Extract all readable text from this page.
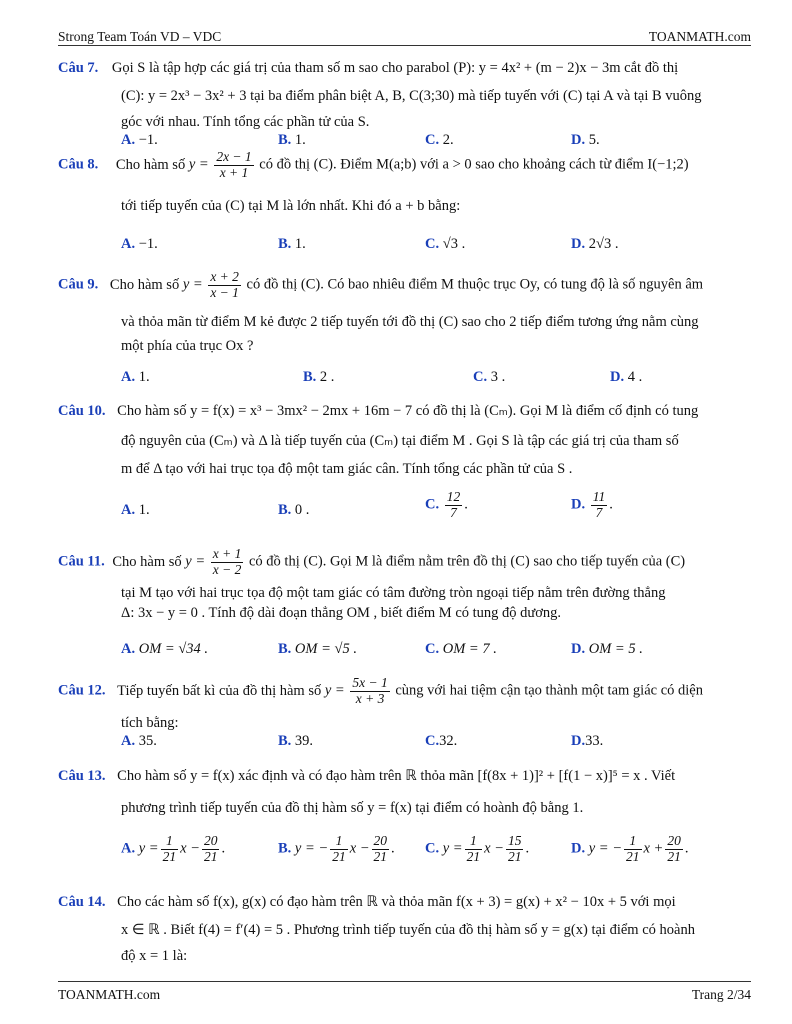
Strong Team Toán VD – VDC	TOANMATH.com
Câu 7. Gọi S là tập hợp các giá trị của tham số m sao cho parabol (P): y = 4x² + (m − 2)x − 3m cắt đồ thị
(C): y = 2x³ − 3x² + 3 tại ba điểm phân biệt A, B, C(3;30) mà tiếp tuyến với (C) tại A và tại B vuông
góc với nhau. Tính tổng các phần tử của S.
A. −1.	B. 1.	C. 2.	D. 5.
Câu 8. Cho hàm số $y = \frac{2x - 1}{x + 1}$ có đồ thị (C). Điểm M(a;b) với a > 0 sao cho khoảng cách từ điểm I(−1;2)
tới tiếp tuyến của (C) tại M là lớn nhất. Khi đó a + b bằng:
A. −1.	B. 1.	C. √3 .	D. 2√3 .
Câu 9. Cho hàm số $y = \frac{x + 2}{x - 1}$ có đồ thị (C). Có bao nhiêu điểm M thuộc trục Oy, có tung độ là số nguyên âm
và thỏa mãn từ điểm M kẻ được 2 tiếp tuyến tới đồ thị (C) sao cho 2 tiếp điểm tương ứng nằm cùng
một phía của trục Ox ?
A. 1.	B. 2 .	C. 3 .	D. 4 .
Câu 10. Cho hàm số y = f(x) = x³ − 3mx² − 2mx + 16m − 7 có đồ thị là (Cₘ). Gọi M là điểm cố định có tung
độ nguyên của (Cₘ) và Δ là tiếp tuyến của (Cₘ) tại điểm M . Gọi S là tập các giá trị của tham số
m để Δ tạo với hai trục tọa độ một tam giác cân. Tính tổng các phần tử của S .
A. 1.	B. 0 .	C. $\frac{12}{7}$ .	D. $\frac{11}{7}$ .
Câu 11. Cho hàm số $y = \frac{x + 1}{x - 2}$ có đồ thị (C). Gọi M là điểm nằm trên đồ thị (C) sao cho tiếp tuyến của (C)
tại M tạo với hai trục tọa độ một tam giác có tâm đường tròn ngoại tiếp nằm trên đường thẳng
Δ: 3x − y = 0 . Tính độ dài đoạn thẳng OM , biết điểm M có tung độ dương.
A. OM = √34 .	B. OM = √5 .	C. OM = 7 .	D. OM = 5 .
Câu 12. Tiếp tuyến bất kì của đồ thị hàm số $y = \frac{5x - 1}{x + 3}$ cùng với hai tiệm cận tạo thành một tam giác có diện
tích bằng:
A. 35.	B. 39.	C.32.	D.33.
Câu 13. Cho hàm số y = f(x) xác định và có đạo hàm trên ℝ thỏa mãn [f(8x + 1)]² + [f(1 − x)]⁵ = x . Viết
phương trình tiếp tuyến của đồ thị hàm số y = f(x) tại điểm có hoành độ bằng 1.
A. $y = \frac{1}{21}$ $x - \frac{20}{21}$ .	B. y = − $\frac{1}{21}$ $x - \frac{20}{21}$ . C. $y = \frac{1}{21}$ $x - \frac{15}{21}$ .	D. y = − $\frac{1}{21}$ $x + \frac{20}{21}$ .
Câu 14. Cho các hàm số f(x), g(x) có đạo hàm trên ℝ và thỏa mãn f(x + 3) = g(x) + x² − 10x + 5 với mọi
x ∈ ℝ . Biết f(4) = f′(4) = 5 . Phương trình tiếp tuyến của đồ thị hàm số y = g(x) tại điểm có hoành
độ x = 1 là:
TOANMATH.com	Trang 2/34
